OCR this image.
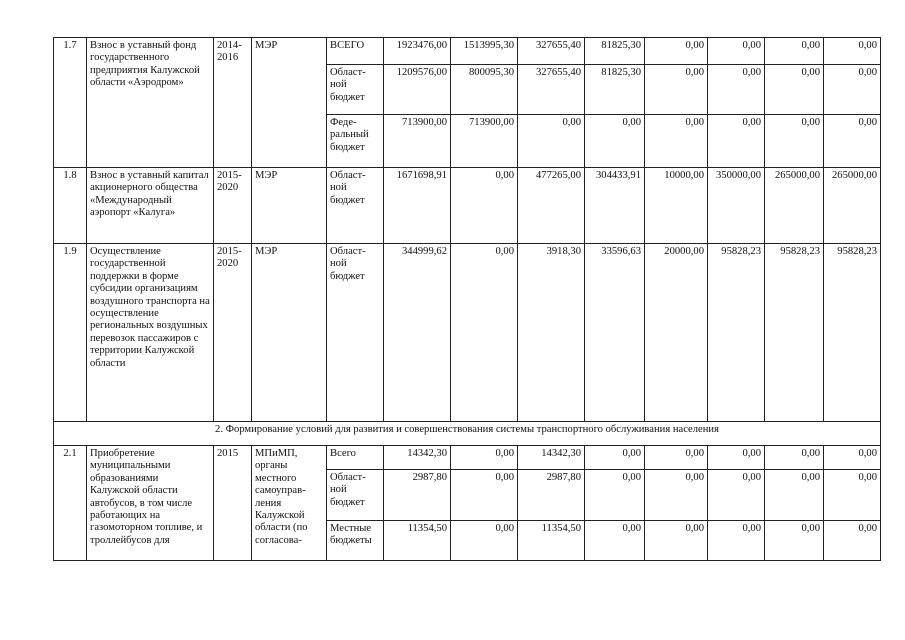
1.7	Взнос в уставный фонд государственного предприятия Калужской области «Аэродром»	2014-2016	МЭР	ВСЕГО	1923476,00	1513995,30	327655,40	81825,30	0,00	0,00	0,00	0,00
				Област-ной бюджет	1209576,00	800095,30	327655,40	81825,30	0,00	0,00	0,00	0,00
				Феде-ральный бюджет	713900,00	713900,00	0,00	0,00	0,00	0,00	0,00	0,00
1.8	Взнос в уставный капитал акционерного общества «Международный аэропорт «Калуга»	2015-2020	МЭР	Област-ной бюджет	1671698,91	0,00	477265,00	304433,91	10000,00	350000,00	265000,00	265000,00
1.9	Осуществление государственной поддержки в форме субсидии организациям воздушного транспорта на осуществление региональных воздушных перевозок пассажиров с территории Калужской области	2015-2020	МЭР	Област-ной бюджет	344999,62	0,00	3918,30	33596,63	20000,00	95828,23	95828,23	95828,23
2. Формирование условий для развития и совершенствования системы транспортного обслуживания населения												
2.1	Приобретение муниципальными образованиями Калужской области автобусов, в том числе работающих на газомоторном топливе, и троллейбусов для	2015	МПиМП, органы местного самоуправ-ления Калужской области (по согласова-	Всего	14342,30	0,00	14342,30	0,00	0,00	0,00	0,00	0,00
				Област-ной бюджет	2987,80	0,00	2987,80	0,00	0,00	0,00	0,00	0,00
				Местные бюджеты	11354,50	0,00	11354,50	0,00	0,00	0,00	0,00	0,00
